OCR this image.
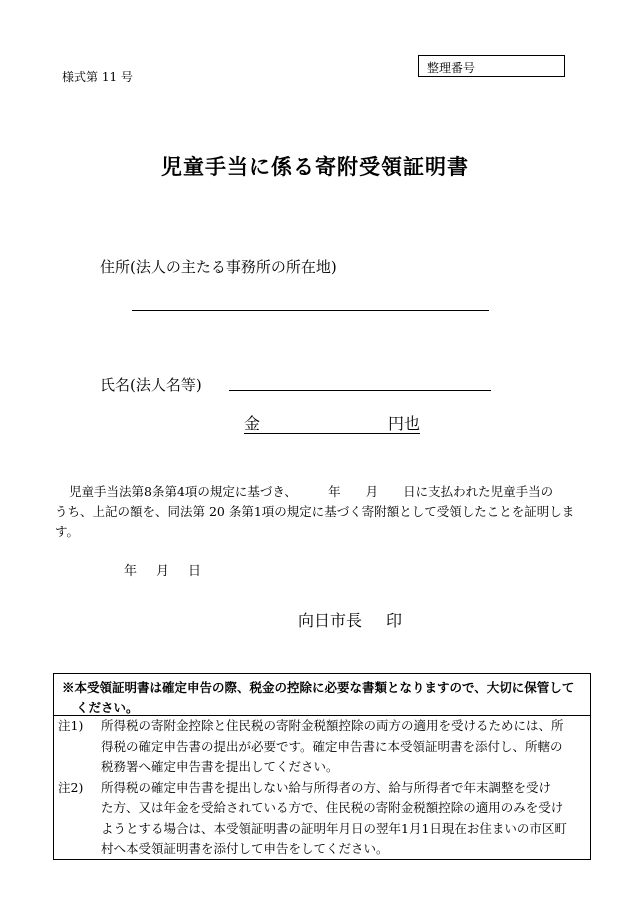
様式第 11 号
整理番号
児童手当に係る寄附受領証明書
住所(法人の主たる事務所の所在地)
氏名(法人名等)
金	円也

児童手当法第8条第4項の規定に基づき、　　　年　　月　　日に支払われた児童手当の

うち、上記の額を、同法第 20 条第1項の規定に基づく寄附額として受領したことを証明しま

す。

年 月 日
向日市長 印
※本受領証明書は確定申告の際、税金の控除に必要な書類となりますので、大切に保管して
ください。
注1)	所得税の寄附金控除と住民税の寄附金税額控除の両方の適用を受けるためには、所
得税の確定申告書の提出が必要です。確定申告書に本受領証明書を添付し、所轄の
税務署へ確定申告書を提出してください。
注2)	所得税の確定申告書を提出しない給与所得者の方、給与所得者で年末調整を受け
た方、又は年金を受給されている方で、住民税の寄附金税額控除の適用のみを受け
ようとする場合は、本受領証明書の証明年月日の翌年1月1日現在お住まいの市区町
村へ本受領証明書を添付して申告をしてください。
